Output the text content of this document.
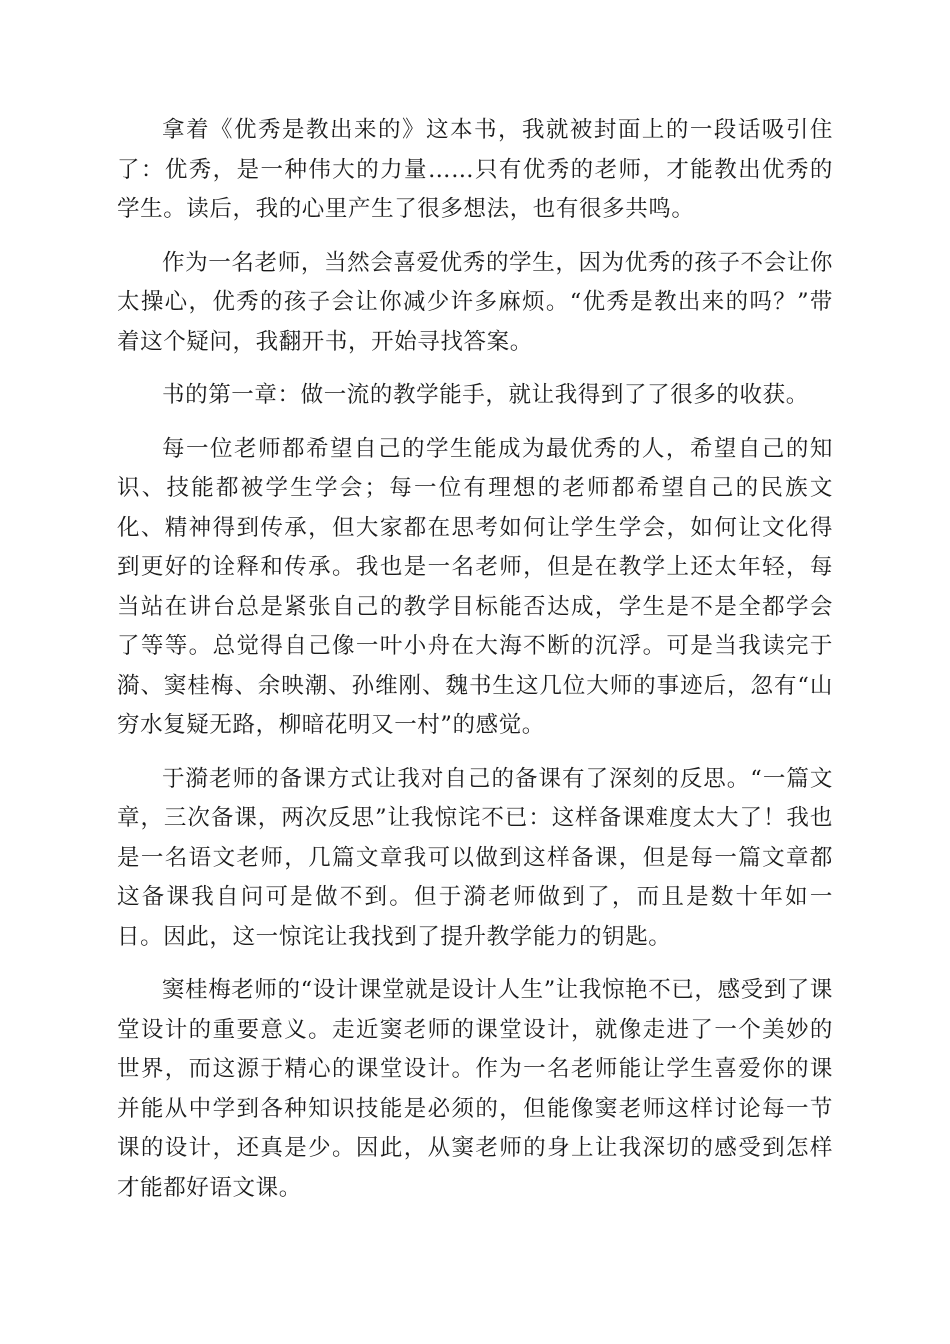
拿着《优秀是教出来的》这本书，我就被封面上的一段话吸引住了：优秀，是一种伟大的力量……只有优秀的老师，才能教出优秀的学生。读后，我的心里产生了很多想法，也有很多共鸣。

作为一名老师，当然会喜爱优秀的学生，因为优秀的孩子不会让你太操心，优秀的孩子会让你减少许多麻烦。“优秀是教出来的吗？”带着这个疑问，我翻开书，开始寻找答案。

书的第一章：做一流的教学能手，就让我得到了了很多的收获。

每一位老师都希望自己的学生能成为最优秀的人，希望自己的知识、技能都被学生学会；每一位有理想的老师都希望自己的民族文化、精神得到传承，但大家都在思考如何让学生学会，如何让文化得到更好的诠释和传承。我也是一名老师，但是在教学上还太年轻，每当站在讲台总是紧张自己的教学目标能否达成，学生是不是全都学会了等等。总觉得自己像一叶小舟在大海不断的沉浮。可是当我读完于漪、窦桂梅、余映潮、孙维刚、魏书生这几位大师的事迹后，忽有“山穷水复疑无路，柳暗花明又一村”的感觉。

于漪老师的备课方式让我对自己的备课有了深刻的反思。“一篇文章，三次备课，两次反思”让我惊诧不已：这样备课难度太大了！我也是一名语文老师，几篇文章我可以做到这样备课，但是每一篇文章都这备课我自问可是做不到。但于漪老师做到了，而且是数十年如一日。因此，这一惊诧让我找到了提升教学能力的钥匙。

窦桂梅老师的“设计课堂就是设计人生”让我惊艳不已，感受到了课堂设计的重要意义。走近窦老师的课堂设计，就像走进了一个美妙的世界，而这源于精心的课堂设计。作为一名老师能让学生喜爱你的课并能从中学到各种知识技能是必须的，但能像窦老师这样讨论每一节课的设计，还真是少。因此，从窦老师的身上让我深切的感受到怎样才能都好语文课。
